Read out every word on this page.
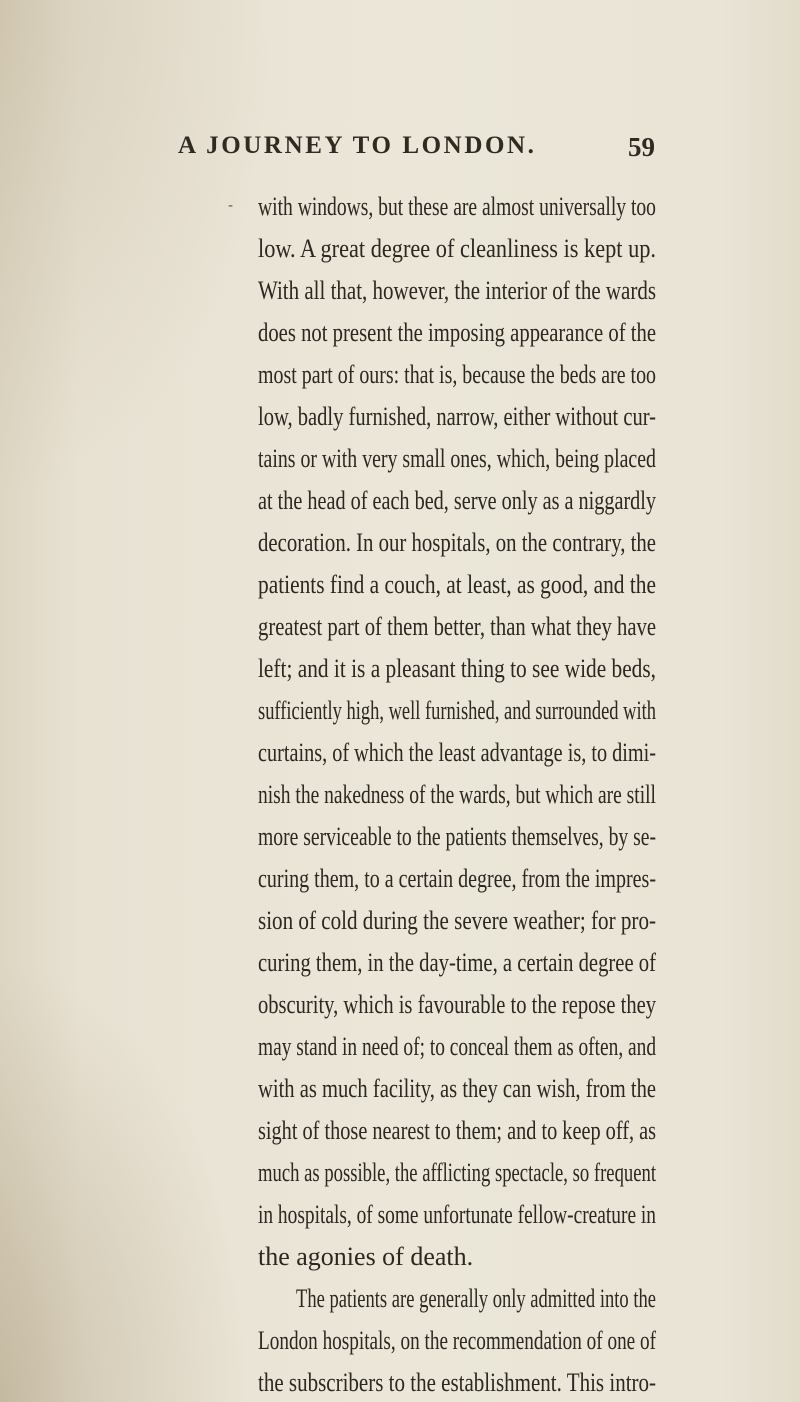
A JOURNEY TO LONDON.	59
- with windows, but these are almost universally too
low. A great degree of cleanliness is kept up.
With all that, however, the interior of the wards
does not present the imposing appearance of the
most part of ours: that is, because the beds are too
low, badly furnished, narrow, either without cur-
tains or with very small ones, which, being placed
at the head of each bed, serve only as a niggardly
decoration. In our hospitals, on the contrary, the
patients find a couch, at least, as good, and the
greatest part of them better, than what they have
left; and it is a pleasant thing to see wide beds,
sufficiently high, well furnished, and surrounded with
curtains, of which the least advantage is, to dimi-
nish the nakedness of the wards, but which are still
more serviceable to the patients themselves, by se-
curing them, to a certain degree, from the impres-
sion of cold during the severe weather; for pro-
curing them, in the day-time, a certain degree of
obscurity, which is favourable to the repose they
may stand in need of; to conceal them as often, and
with as much facility, as they can wish, from the
sight of those nearest to them; and to keep off, as
much as possible, the afflicting spectacle, so frequent
in hospitals, of some unfortunate fellow-creature in
the agonies of death.
The patients are generally only admitted into the
London hospitals, on the recommendation of one of
the subscribers to the establishment. This intro-
